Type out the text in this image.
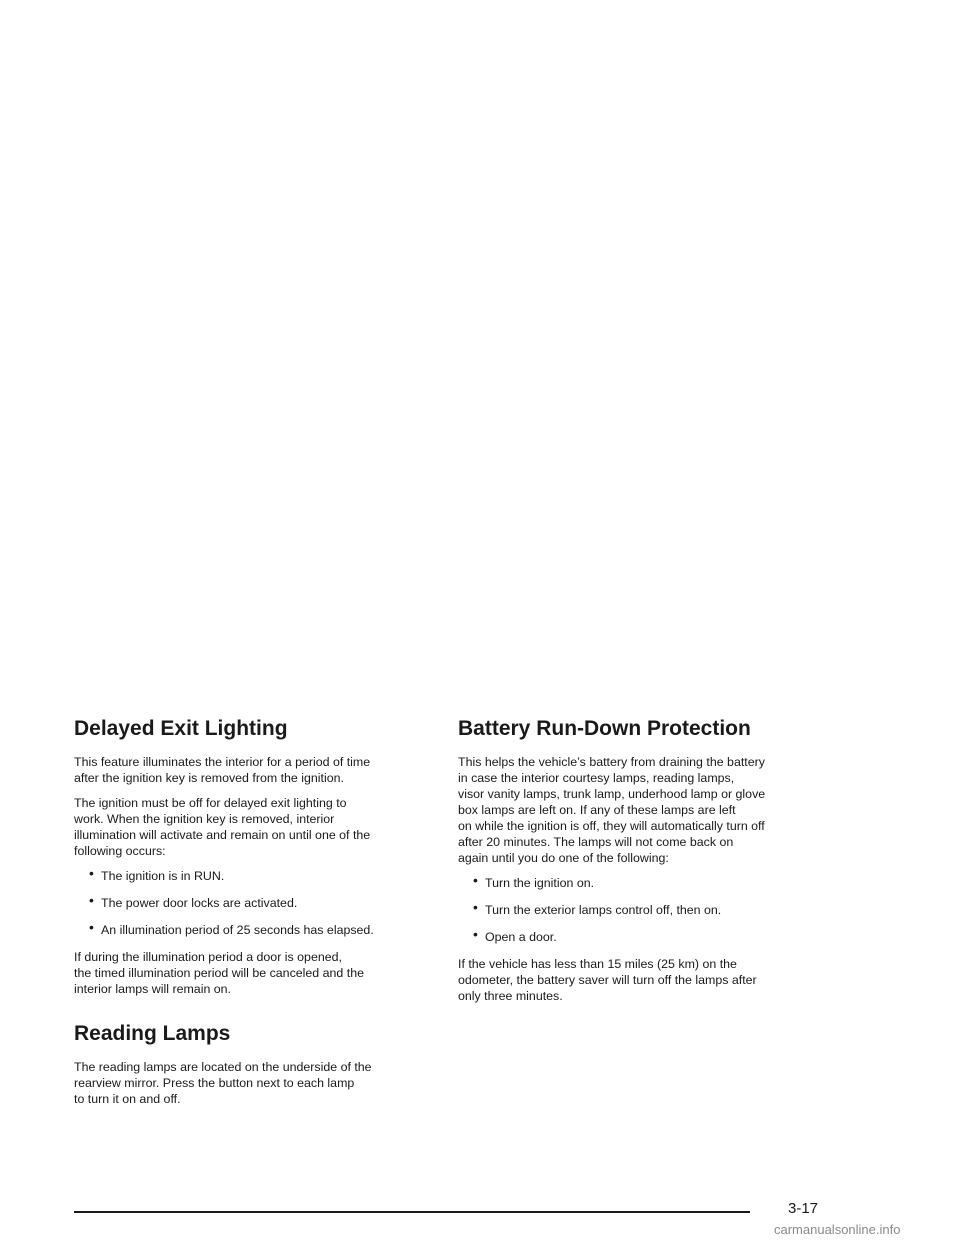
Delayed Exit Lighting

This feature illuminates the interior for a period of time
after the ignition key is removed from the ignition.

The ignition must be off for delayed exit lighting to
work. When the ignition key is removed, interior
illumination will activate and remain on until one of the
following occurs:

• The ignition is in RUN.
• The power door locks are activated.
• An illumination period of 25 seconds has elapsed.

If during the illumination period a door is opened,
the timed illumination period will be canceled and the
interior lamps will remain on.

Reading Lamps

The reading lamps are located on the underside of the
rearview mirror. Press the button next to each lamp
to turn it on and off.

Battery Run-Down Protection

This helps the vehicle’s battery from draining the battery
in case the interior courtesy lamps, reading lamps,
visor vanity lamps, trunk lamp, underhood lamp or glove
box lamps are left on. If any of these lamps are left
on while the ignition is off, they will automatically turn off
after 20 minutes. The lamps will not come back on
again until you do one of the following:

• Turn the ignition on.
• Turn the exterior lamps control off, then on.
• Open a door.

If the vehicle has less than 15 miles (25 km) on the
odometer, the battery saver will turn off the lamps after
only three minutes.

3-17
carmanualsonline.info
